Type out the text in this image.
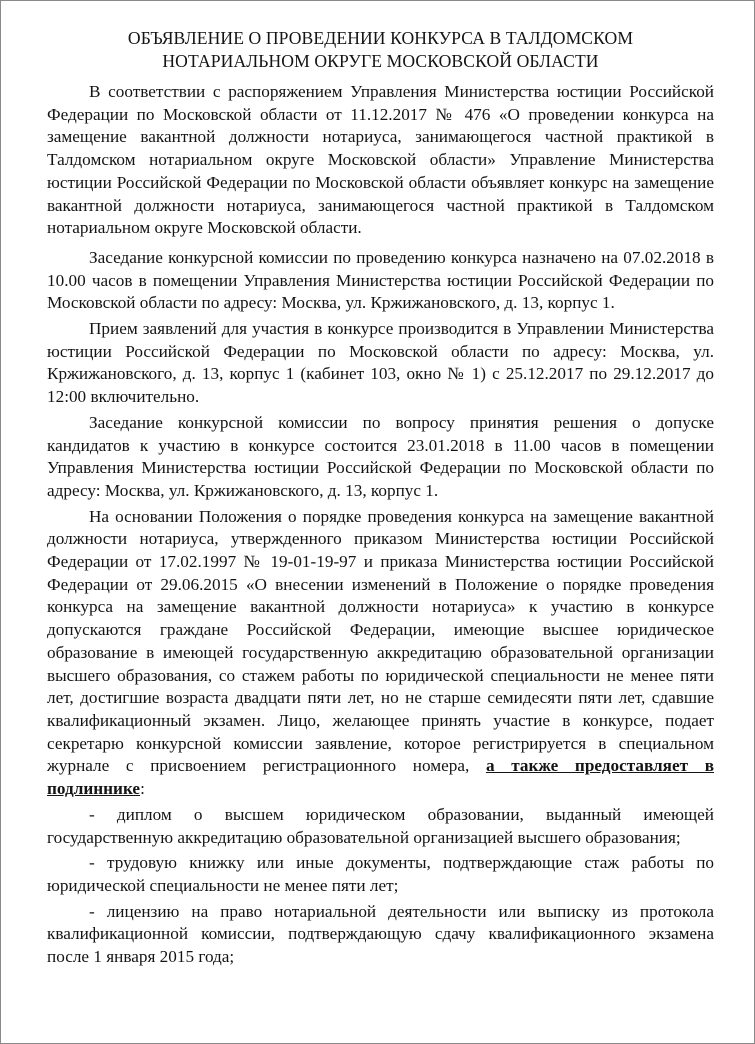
ОБЪЯВЛЕНИЕ О ПРОВЕДЕНИИ КОНКУРСА В ТАЛДОМСКОМ
НОТАРИАЛЬНОМ ОКРУГЕ МОСКОВСКОЙ ОБЛАСТИ

В соответствии с распоряжением Управления Министерства юстиции Российской Федерации по Московской области от 11.12.2017 № 476 «О проведении конкурса на замещение вакантной должности нотариуса, занимающегося частной практикой в Талдомском нотариальном округе Московской области» Управление Министерства юстиции Российской Федерации по Московской области объявляет конкурс на замещение вакантной должности нотариуса, занимающегося частной практикой в Талдомском нотариальном округе Московской области.

Заседание конкурсной комиссии по проведению конкурса назначено на 07.02.2018 в 10.00 часов в помещении Управления Министерства юстиции Российской Федерации по Московской области по адресу: Москва, ул. Кржижановского, д. 13, корпус 1.

Прием заявлений для участия в конкурсе производится в Управлении Министерства юстиции Российской Федерации по Московской области по адресу: Москва, ул. Кржижановского, д. 13, корпус 1 (кабинет 103, окно № 1) с 25.12.2017 по 29.12.2017 до 12:00 включительно.

Заседание конкурсной комиссии по вопросу принятия решения о допуске кандидатов к участию в конкурсе состоится 23.01.2018 в 11.00 часов в помещении Управления Министерства юстиции Российской Федерации по Московской области по адресу: Москва, ул. Кржижановского, д. 13, корпус 1.

На основании Положения о порядке проведения конкурса на замещение вакантной должности нотариуса, утвержденного приказом Министерства юстиции Российской Федерации от 17.02.1997 № 19-01-19-97 и приказа Министерства юстиции Российской Федерации от 29.06.2015 «О внесении изменений в Положение о порядке проведения конкурса на замещение вакантной должности нотариуса» к участию в конкурсе допускаются граждане Российской Федерации, имеющие высшее юридическое образование в имеющей государственную аккредитацию образовательной организации высшего образования, со стажем работы по юридической специальности не менее пяти лет, достигшие возраста двадцати пяти лет, но не старше семидесяти пяти лет, сдавшие квалификационный экзамен. Лицо, желающее принять участие в конкурсе, подает секретарю конкурсной комиссии заявление, которое регистрируется в специальном журнале с присвоением регистрационного номера, а также предоставляет в подлиннике:

- диплом о высшем юридическом образовании, выданный имеющей государственную аккредитацию образовательной организацией высшего образования;

- трудовую книжку или иные документы, подтверждающие стаж работы по юридической специальности не менее пяти лет;

- лицензию на право нотариальной деятельности или выписку из протокола квалификационной комиссии, подтверждающую сдачу квалификационного экзамена после 1 января 2015 года;
